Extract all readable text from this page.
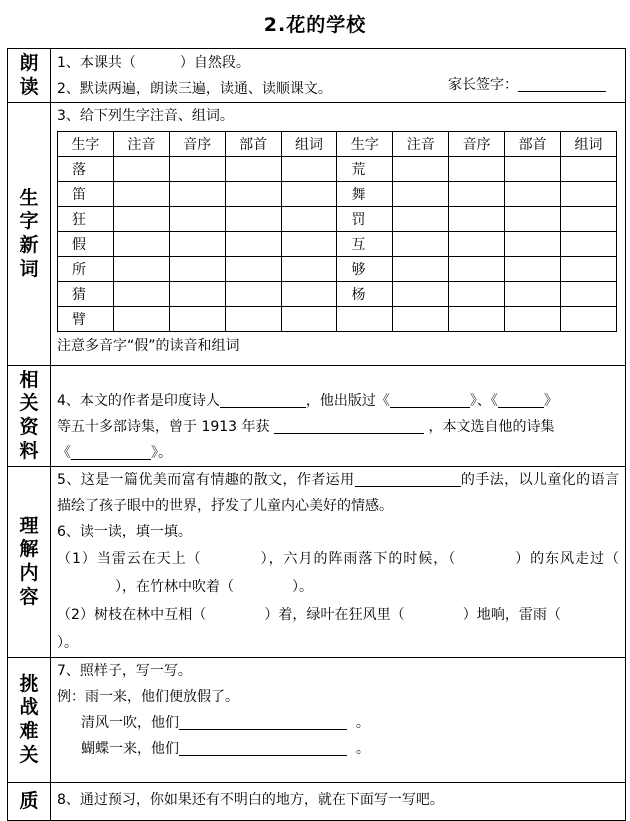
2.花的学校
朗
读

1、本课共（	）自然段。
2、默读两遍，朗读三遍，读通、读顺课文。

生
字
新
词

3、给下列生字注音、组词。
生字	注音	音序	部首	组词	生字	注音	音序	部首	组词
落					荒				
笛					舞				
狂					罚				
假					互				
所					够				
猜					杨				
臂									
注意多音字“假”的读音和组词

相
关
资
料

4、本文的作者是印度诗人	，他出版过《	》、《	》
等五十多部诗集，曾于 1913 年获	，本文选自他的诗集
《	》。

理
解
内
容

5、这是一篇优美而富有情趣的散文，作者运用	的手法，以儿童化的语言描绘了孩子眼中的世界，抒发了儿童内心美好的情感。
6、读一读，填一填。
（1）当雷云在天上（	），六月的阵雨落下的时候，（	）的东风走过（），在竹林中吹着（	）。
（2）树枝在林中互相（	）着，绿叶在狂风里（	）地响，雷雨（）。

挑
战
难
关

7、照样子，写一写。
例：雨一来，他们便放假了。
清风一吹，他们	。
蝴蝶一来，他们	。

质	8、通过预习，你如果还有不明白的地方，就在下面写一写吧。
家长签字：
